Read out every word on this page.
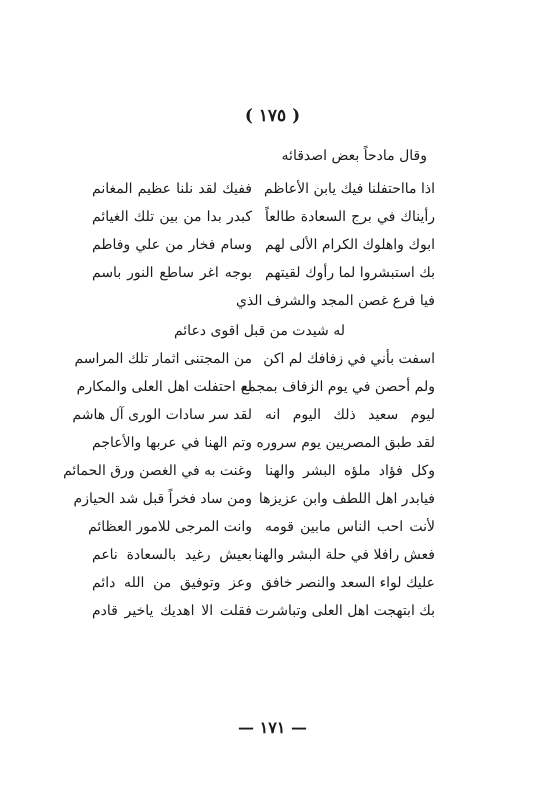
( ١٧٥ )
وقال مادحاً بعض اصدقائه
اذا مااحتفلنا فيك يابن الأعاظم
ففيك لقد نلنا عظيم المغانم
رأيناك في برج السعادة طالعاً
كبدر بدا من بين تلك الغيائم
ابوك واهلوك الكرام الألى لهم
وسام فخار من علي وفاطم
بك استبشروا لما رأوك لقيتهم
بوجه اغر ساطع النور باسم
فيا فرع غصن المجد والشرف الذي
له شيدت من قبل اقوى دعائم
اسفت بأني في زفافك لم اكن
من المجتنى اثمار تلك المراسم
ولم أحصن في يوم الزفاف بمجمع
له احتفلت اهل العلى والمكارم
ليوم سعيد ذلك اليوم انه
لقد سر سادات الورى آل هاشم
لقد طبق المصريين يوم سروره
وتم الهنا في عربها والأعاجم
وكل فؤاد ملؤه البشر والهنا
وغنت به في الغصن ورق الحمائم
فيابدر اهل اللطف وابن عزيزها
ومن ساد فخراً قبل شد الحيازم
لأنت احب الناس مابين قومه
وانت المرجى للامور العظائم
فعش رافلا في حلة البشر والهنا
بعيش رغيد بالسعادة ناعم
عليك لواء السعد والنصر خافق
وعز وتوفيق من الله دائم
بك ابتهجت اهل العلى وتباشرت
فقلت الا اهديك ياخير قادم
— ١٧١ —
